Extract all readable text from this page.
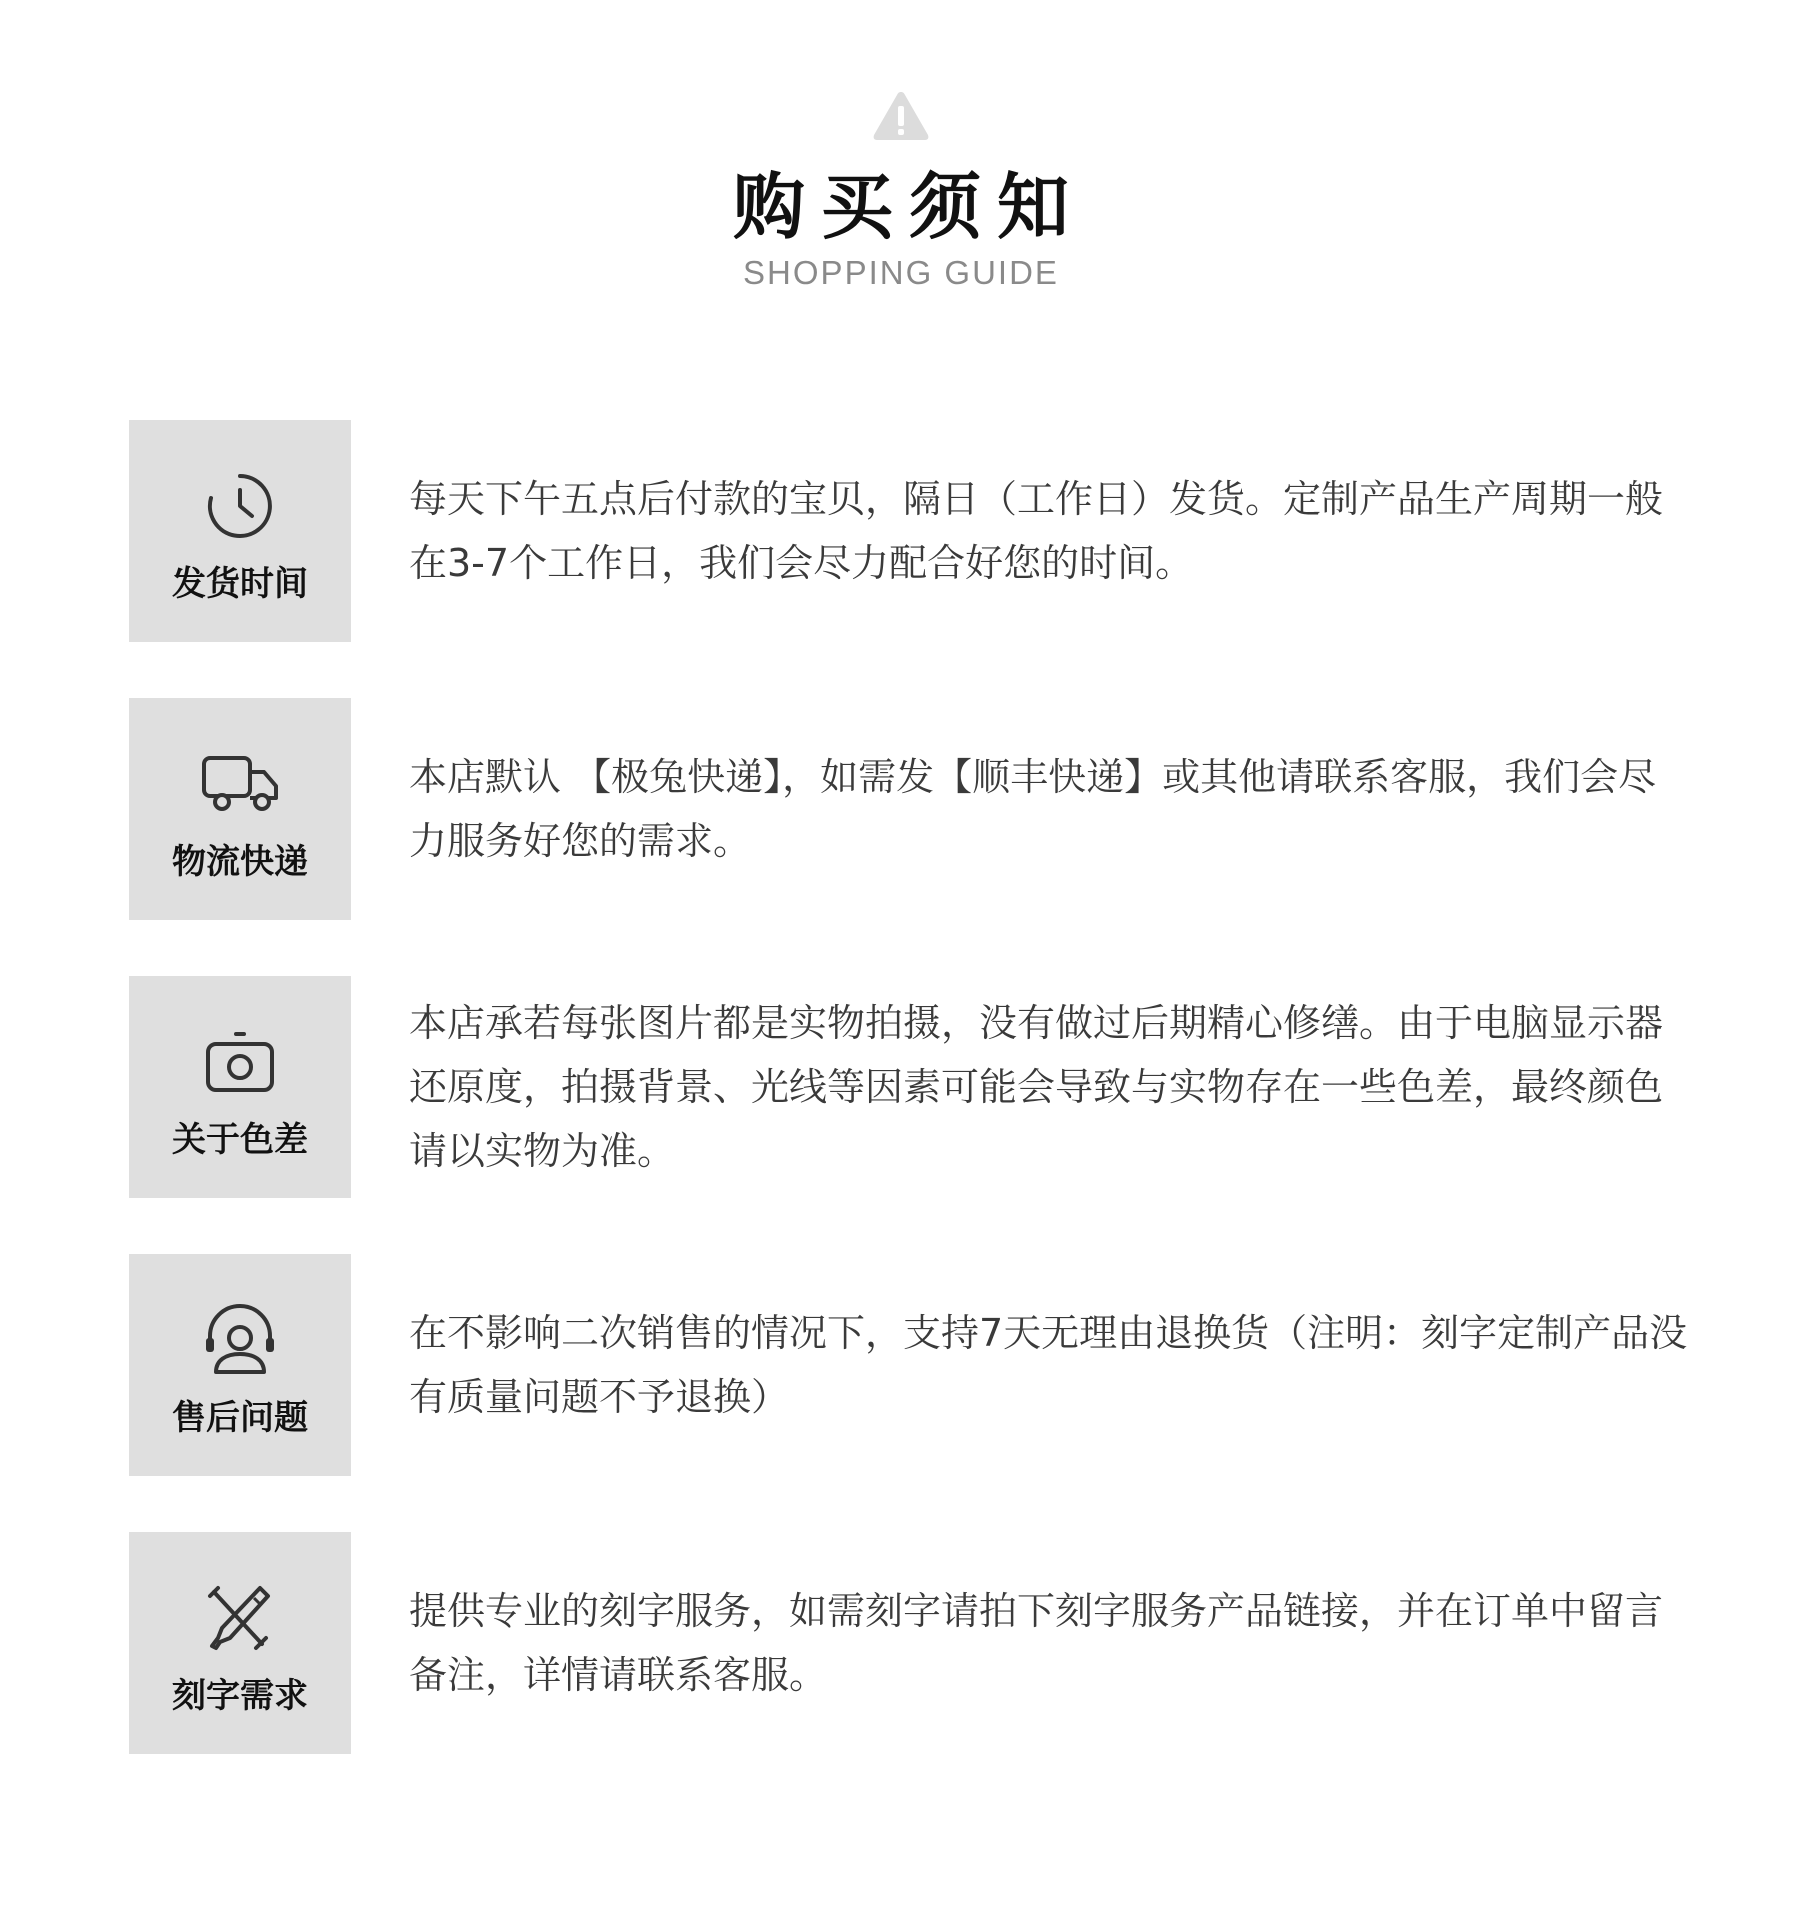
购买须知
SHOPPING GUIDE
发货时间
每天下午五点后付款的宝贝，隔日（工作日）发货。定制产品生产周期一般在3-7个工作日，我们会尽力配合好您的时间。
物流快递
本店默认 【极兔快递】，如需发【顺丰快递】或其他请联系客服，我们会尽力服务好您的需求。
关于色差
本店承若每张图片都是实物拍摄，没有做过后期精心修缮。由于电脑显示器还原度，拍摄背景、光线等因素可能会导致与实物存在一些色差，最终颜色请以实物为准。
售后问题
在不影响二次销售的情况下，支持7天无理由退换货（注明：刻字定制产品没有质量问题不予退换）
刻字需求
提供专业的刻字服务，如需刻字请拍下刻字服务产品链接，并在订单中留言备注，详情请联系客服。
